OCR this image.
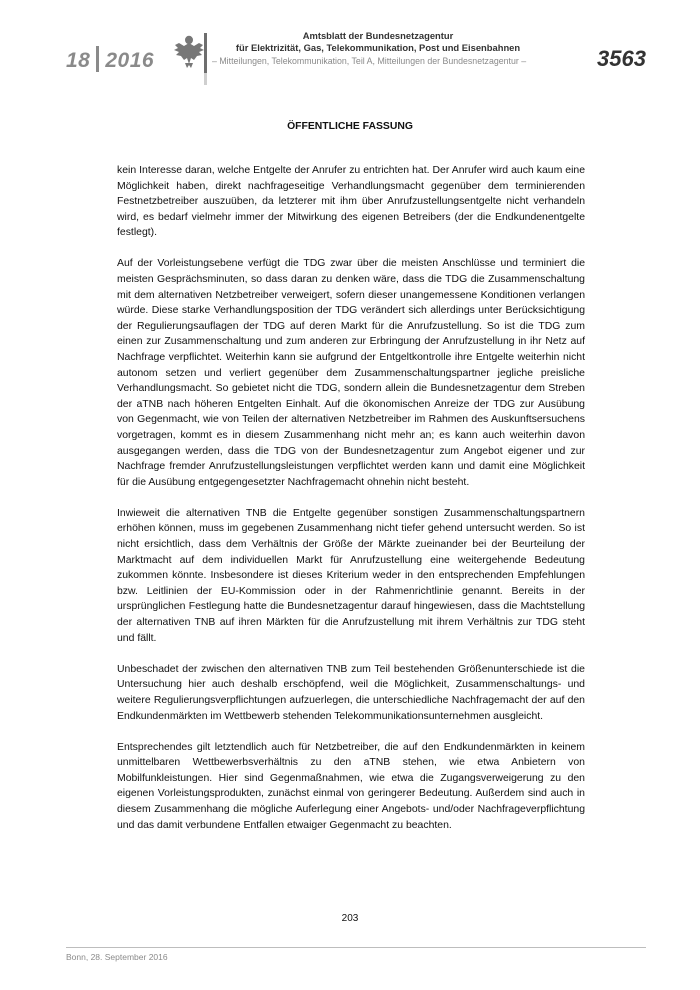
18 2016
Amtsblatt der Bundesnetzagentur
für Elektrizität, Gas, Telekommunikation, Post und Eisenbahnen
– Mitteilungen, Telekommunikation, Teil A, Mitteilungen der Bundesnetzagentur –	3563
ÖFFENTLICHE FASSUNG

kein Interesse daran, welche Entgelte der Anrufer zu entrichten hat. Der Anrufer wird auch kaum eine Möglichkeit haben, direkt nachfrageseitige Verhandlungsmacht gegenüber dem terminierenden Festnetzbetreiber auszuüben, da letzterer mit ihm über Anrufzustellungsentgelte nicht verhandeln wird, es bedarf vielmehr immer der Mitwirkung des eigenen Betreibers (der die Endkundenentgelte festlegt).

Auf der Vorleistungsebene verfügt die TDG zwar über die meisten Anschlüsse und terminiert die meisten Gesprächsminuten, so dass daran zu denken wäre, dass die TDG die Zusammenschaltung mit dem alternativen Netzbetreiber verweigert, sofern dieser unangemessene Konditionen verlangen würde. Diese starke Verhandlungsposition der TDG verändert sich allerdings unter Berücksichtigung der Regulierungsauflagen der TDG auf deren Markt für die Anrufzustellung. So ist die TDG zum einen zur Zusammenschaltung und zum anderen zur Erbringung der Anrufzustellung in ihr Netz auf Nachfrage verpflichtet. Weiterhin kann sie aufgrund der Entgeltkontrolle ihre Entgelte weiterhin nicht autonom setzen und verliert gegenüber dem Zusammenschaltungspartner jegliche preisliche Verhandlungsmacht. So gebietet nicht die TDG, sondern allein die Bundesnetzagentur dem Streben der aTNB nach höheren Entgelten Einhalt. Auf die ökonomischen Anreize der TDG zur Ausübung von Gegenmacht, wie von Teilen der alternativen Netzbetreiber im Rahmen des Auskunftsersuchens vorgetragen, kommt es in diesem Zusammenhang nicht mehr an; es kann auch weiterhin davon ausgegangen werden, dass die TDG von der Bundesnetzagentur zum Angebot eigener und zur Nachfrage fremder Anrufzustellungsleistungen verpflichtet werden kann und damit eine Möglichkeit für die Ausübung entgegengesetzter Nachfragemacht ohnehin nicht besteht.

Inwieweit die alternativen TNB die Entgelte gegenüber sonstigen Zusammenschaltungspartnern erhöhen können, muss im gegebenen Zusammenhang nicht tiefer gehend untersucht werden. So ist nicht ersichtlich, dass dem Verhältnis der Größe der Märkte zueinander bei der Beurteilung der Marktmacht auf dem individuellen Markt für Anrufzustellung eine weitergehende Bedeutung zukommen könnte. Insbesondere ist dieses Kriterium weder in den entsprechenden Empfehlungen bzw. Leitlinien der EU-Kommission oder in der Rahmenrichtlinie genannt. Bereits in der ursprünglichen Festlegung hatte die Bundesnetzagentur darauf hingewiesen, dass die Machtstellung der alternativen TNB auf ihren Märkten für die Anrufzustellung mit ihrem Verhältnis zur TDG steht und fällt.

Unbeschadet der zwischen den alternativen TNB zum Teil bestehenden Größenunterschiede ist die Untersuchung hier auch deshalb erschöpfend, weil die Möglichkeit, Zusammenschaltungs- und weitere Regulierungsverpflichtungen aufzuerlegen, die unterschiedliche Nachfragemacht der auf den Endkundenmärkten im Wettbewerb stehenden Telekommunikationsunternehmen ausgleicht.

Entsprechendes gilt letztendlich auch für Netzbetreiber, die auf den Endkundenmärkten in keinem unmittelbaren Wettbewerbsverhältnis zu den aTNB stehen, wie etwa Anbietern von Mobilfunkleistungen. Hier sind Gegenmaßnahmen, wie etwa die Zugangsverweigerung zu den eigenen Vorleistungsprodukten, zunächst einmal von geringerer Bedeutung. Außerdem sind auch in diesem Zusammenhang die mögliche Auferlegung einer Angebots- und/oder Nachfrageverpflichtung und das damit verbundene Entfallen etwaiger Gegenmacht zu beachten.

203
Bonn, 28. September 2016
